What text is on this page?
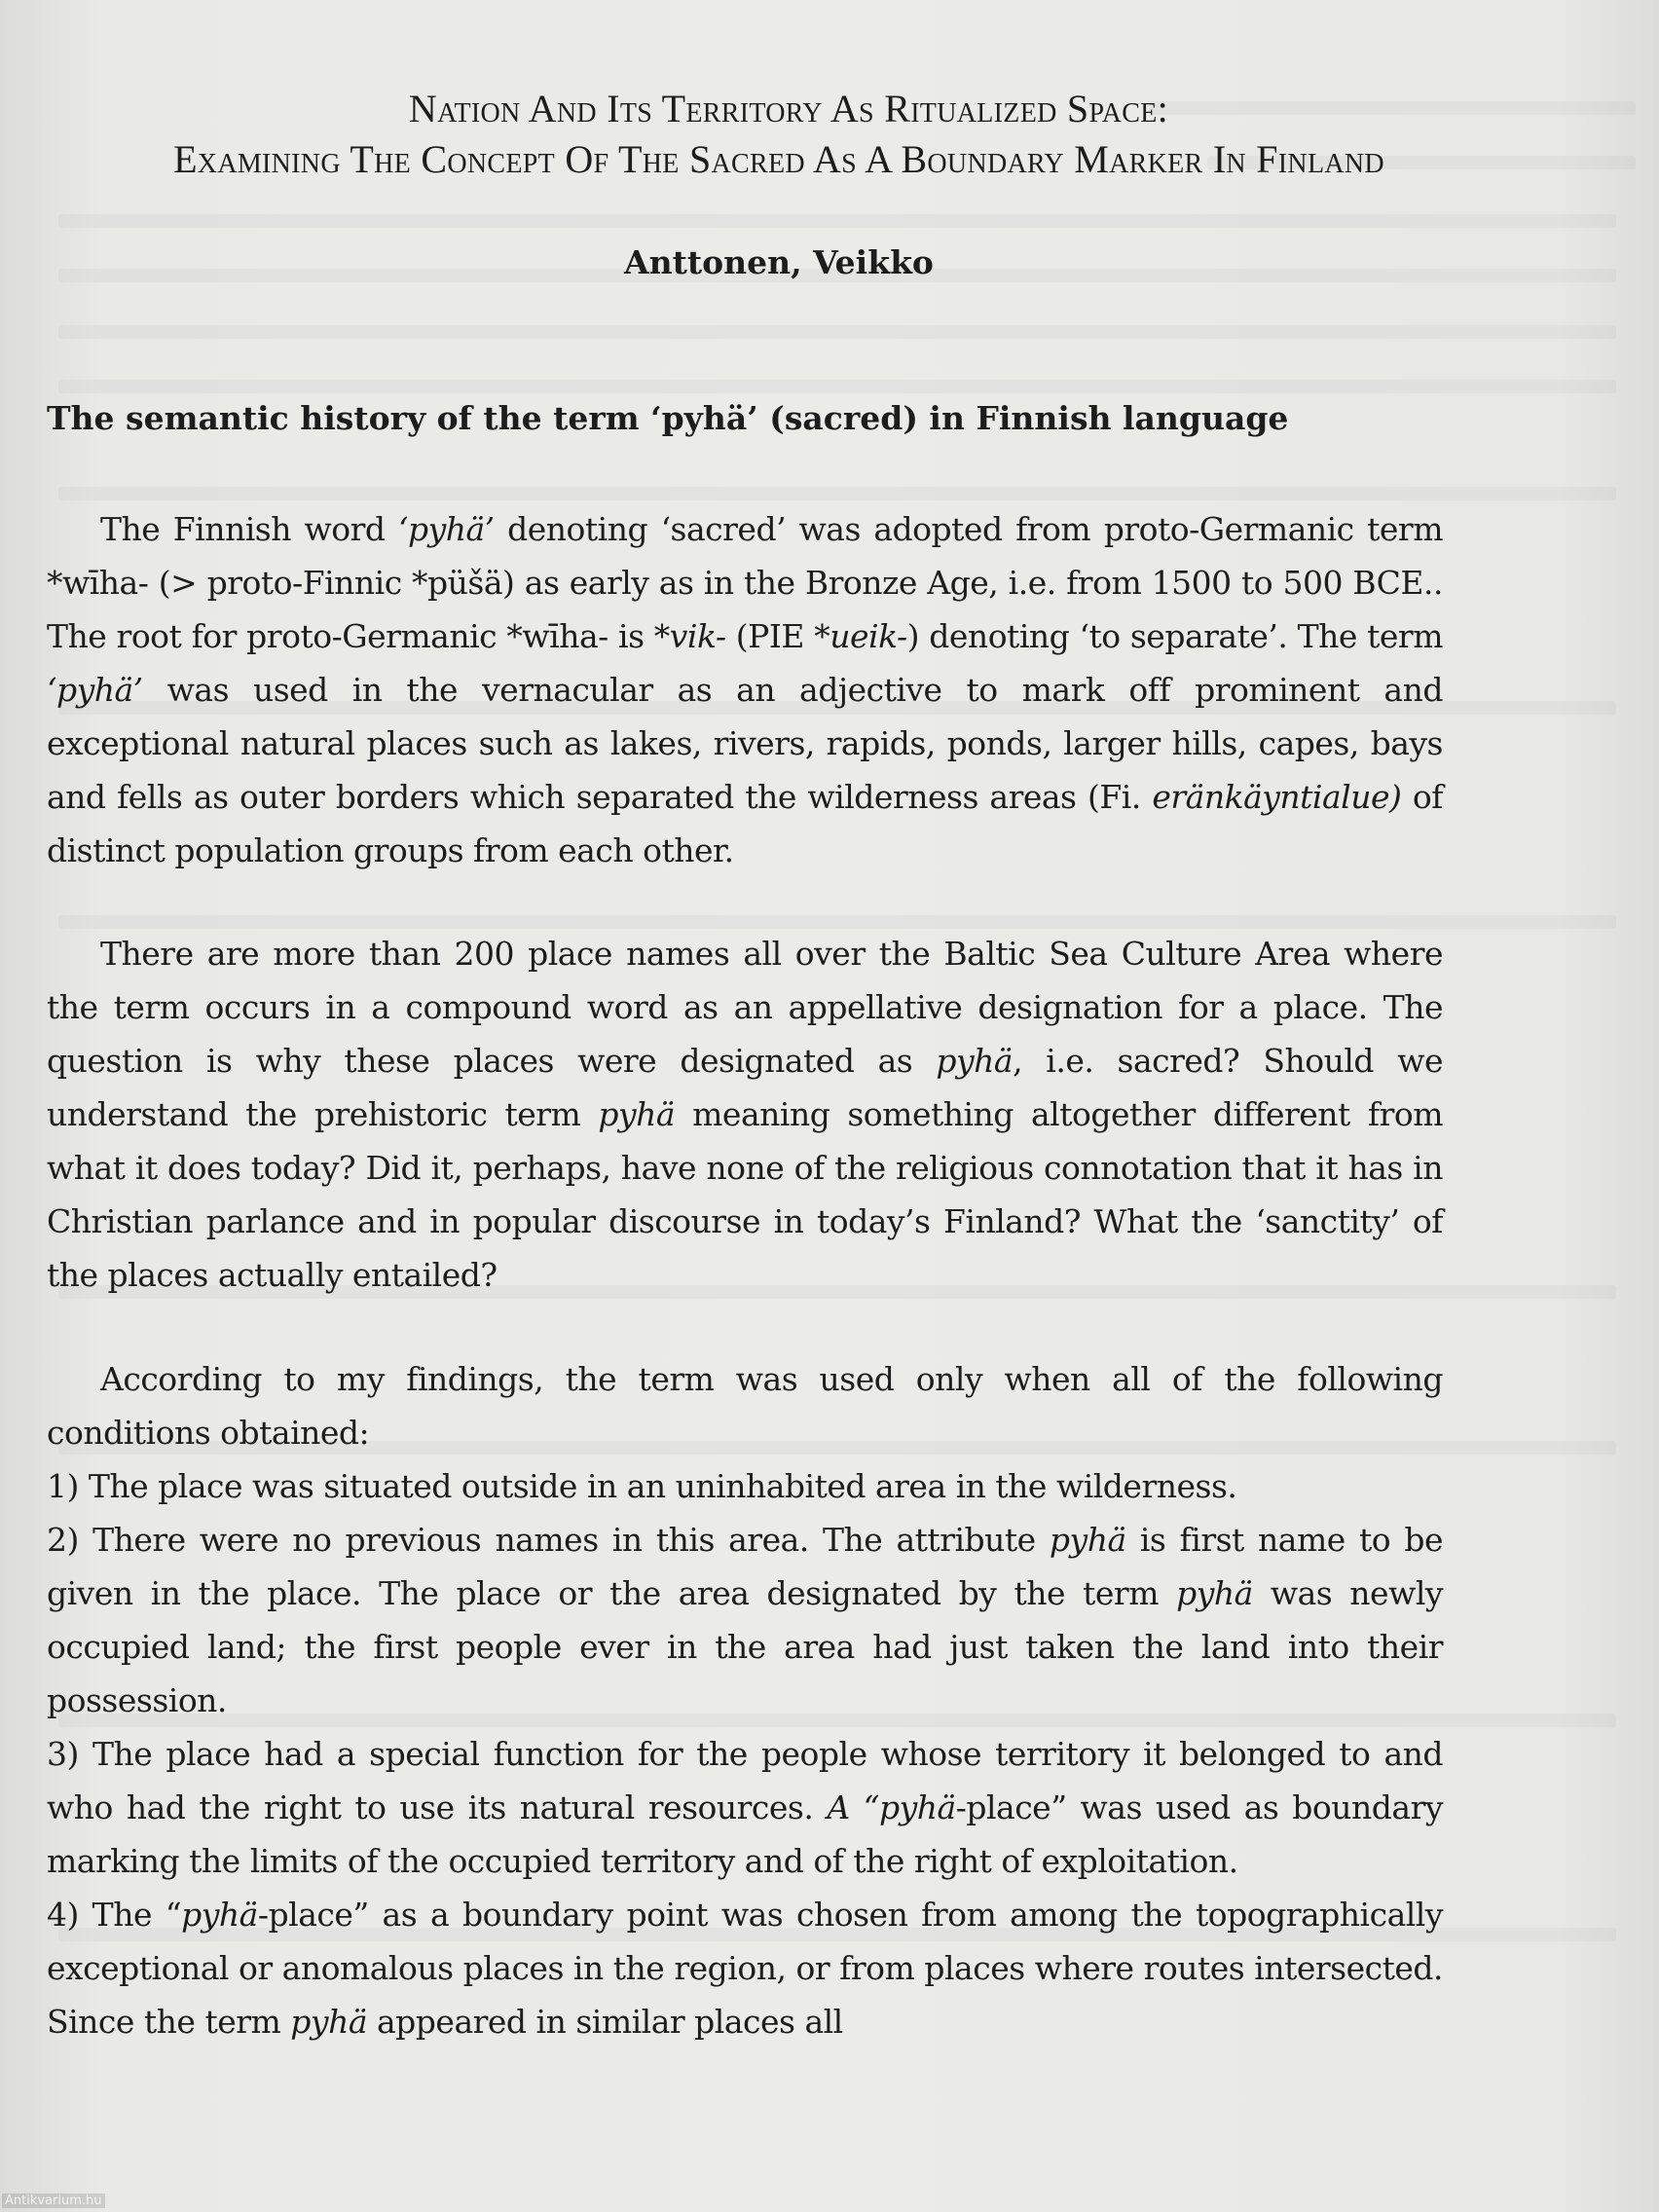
Nation And Its Territory As Ritualized Space:
Examining The Concept Of The Sacred As A Boundary Marker In Finland
Anttonen, Veikko
The semantic history of the term ‘pyhä’ (sacred) in Finnish language

The Finnish word ‘pyhä’ denoting ‘sacred’ was adopted from proto-Germanic term *wīha- (> proto-Finnic *püšä) as early as in the Bronze Age, i.e. from 1500 to 500 BCE.. The root for proto-Germanic *wīha- is *vik- (PIE *ueik-) denoting ‘to separate’. The term ‘pyhä’ was used in the vernacular as an adjective to mark off prominent and exceptional natural places such as lakes, rivers, rapids, ponds, larger hills, capes, bays and fells as outer borders which separated the wilderness areas (Fi. eränkäyntialue) of distinct population groups from each other.

There are more than 200 place names all over the Baltic Sea Culture Area where the term occurs in a compound word as an appellative designation for a place. The question is why these places were designated as pyhä, i.e. sacred? Should we understand the prehistoric term pyhä meaning something altogether different from what it does today? Did it, perhaps, have none of the religious connotation that it has in Christian parlance and in popular discourse in today’s Finland? What the ‘sanctity’ of the places actually entailed?

According to my findings, the term was used only when all of the following conditions obtained:

1) The place was situated outside in an uninhabited area in the wilderness.

2) There were no previous names in this area. The attribute pyhä is first name to be given in the place. The place or the area designated by the term pyhä was newly occupied land; the first people ever in the area had just taken the land into their possession.

3) The place had a special function for the people whose territory it belonged to and who had the right to use its natural resources. A “pyhä-place” was used as boundary marking the limits of the occupied territory and of the right of exploitation.

4) The “pyhä-place” as a boundary point was chosen from among the topographically exceptional or anomalous places in the region, or from places where routes intersected. Since the term pyhä appeared in similar places all

Antikvarium.hu
